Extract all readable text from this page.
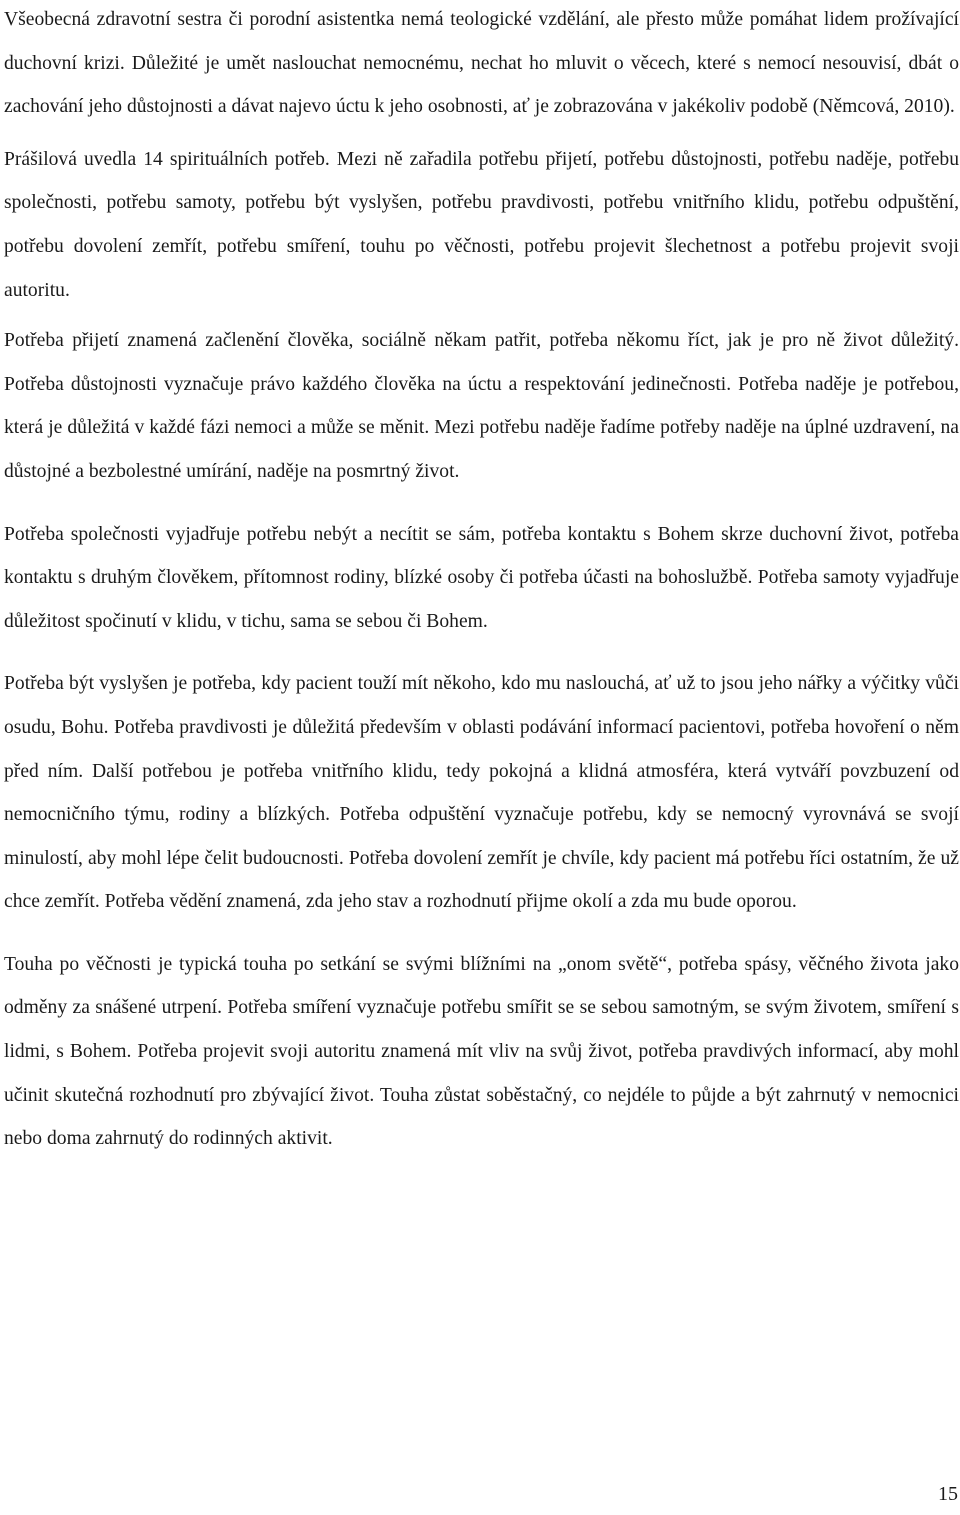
Všeobecná zdravotní sestra či porodní asistentka nemá teologické vzdělání, ale přesto může pomáhat lidem prožívající duchovní krizi. Důležité je umět naslouchat nemocnému, nechat ho mluvit o věcech, které s nemocí nesouvisí, dbát o zachování jeho důstojnosti a dávat najevo úctu k jeho osobnosti, ať je zobrazována v jakékoliv podobě (Němcová, 2010).

Prášilová uvedla 14 spirituálních potřeb. Mezi ně zařadila potřebu přijetí, potřebu důstojnosti, potřebu naděje, potřebu společnosti, potřebu samoty, potřebu být vyslyšen, potřebu pravdivosti, potřebu vnitřního klidu, potřebu odpuštění, potřebu dovolení zemřít, potřebu smíření, touhu po věčnosti, potřebu projevit šlechetnost a potřebu projevit svoji autoritu.

Potřeba přijetí znamená začlenění člověka, sociálně někam patřit, potřeba někomu říct, jak je pro ně život důležitý. Potřeba důstojnosti vyznačuje právo každého člověka na úctu a respektování jedinečnosti. Potřeba naděje je potřebou, která je důležitá v každé fázi nemoci a může se měnit. Mezi potřebu naděje řadíme potřeby naděje na úplné uzdravení, na důstojné a bezbolestné umírání, naděje na posmrtný život.

Potřeba společnosti vyjadřuje potřebu nebýt a necítit se sám, potřeba kontaktu s Bohem skrze duchovní život, potřeba kontaktu s druhým člověkem, přítomnost rodiny, blízké osoby či potřeba účasti na bohoslužbě. Potřeba samoty vyjadřuje důležitost spočinutí v klidu, v tichu, sama se sebou či Bohem.

Potřeba být vyslyšen je potřeba, kdy pacient touží mít někoho, kdo mu naslouchá, ať už to jsou jeho nářky a výčitky vůči osudu, Bohu. Potřeba pravdivosti je důležitá především v oblasti podávání informací pacientovi, potřeba hovoření o něm před ním. Další potřebou je potřeba vnitřního klidu, tedy pokojná a klidná atmosféra, která vytváří povzbuzení od nemocničního týmu, rodiny a blízkých. Potřeba odpuštění vyznačuje potřebu, kdy se nemocný vyrovnává se svojí minulostí, aby mohl lépe čelit budoucnosti. Potřeba dovolení zemřít je chvíle, kdy pacient má potřebu říci ostatním, že už chce zemřít. Potřeba vědění znamená, zda jeho stav a rozhodnutí přijme okolí a zda mu bude oporou.

Touha po věčnosti je typická touha po setkání se svými blížními na „onom světě“, potřeba spásy, věčného života jako odměny za snášené utrpení. Potřeba smíření vyznačuje potřebu smířit se se sebou samotným, se svým životem, smíření s lidmi, s Bohem. Potřeba projevit svoji autoritu znamená mít vliv na svůj život, potřeba pravdivých informací, aby mohl učinit skutečná rozhodnutí pro zbývající život. Touha zůstat soběstačný, co nejdéle to půjde a být zahrnutý v nemocnici nebo doma zahrnutý do rodinných aktivit.

15
